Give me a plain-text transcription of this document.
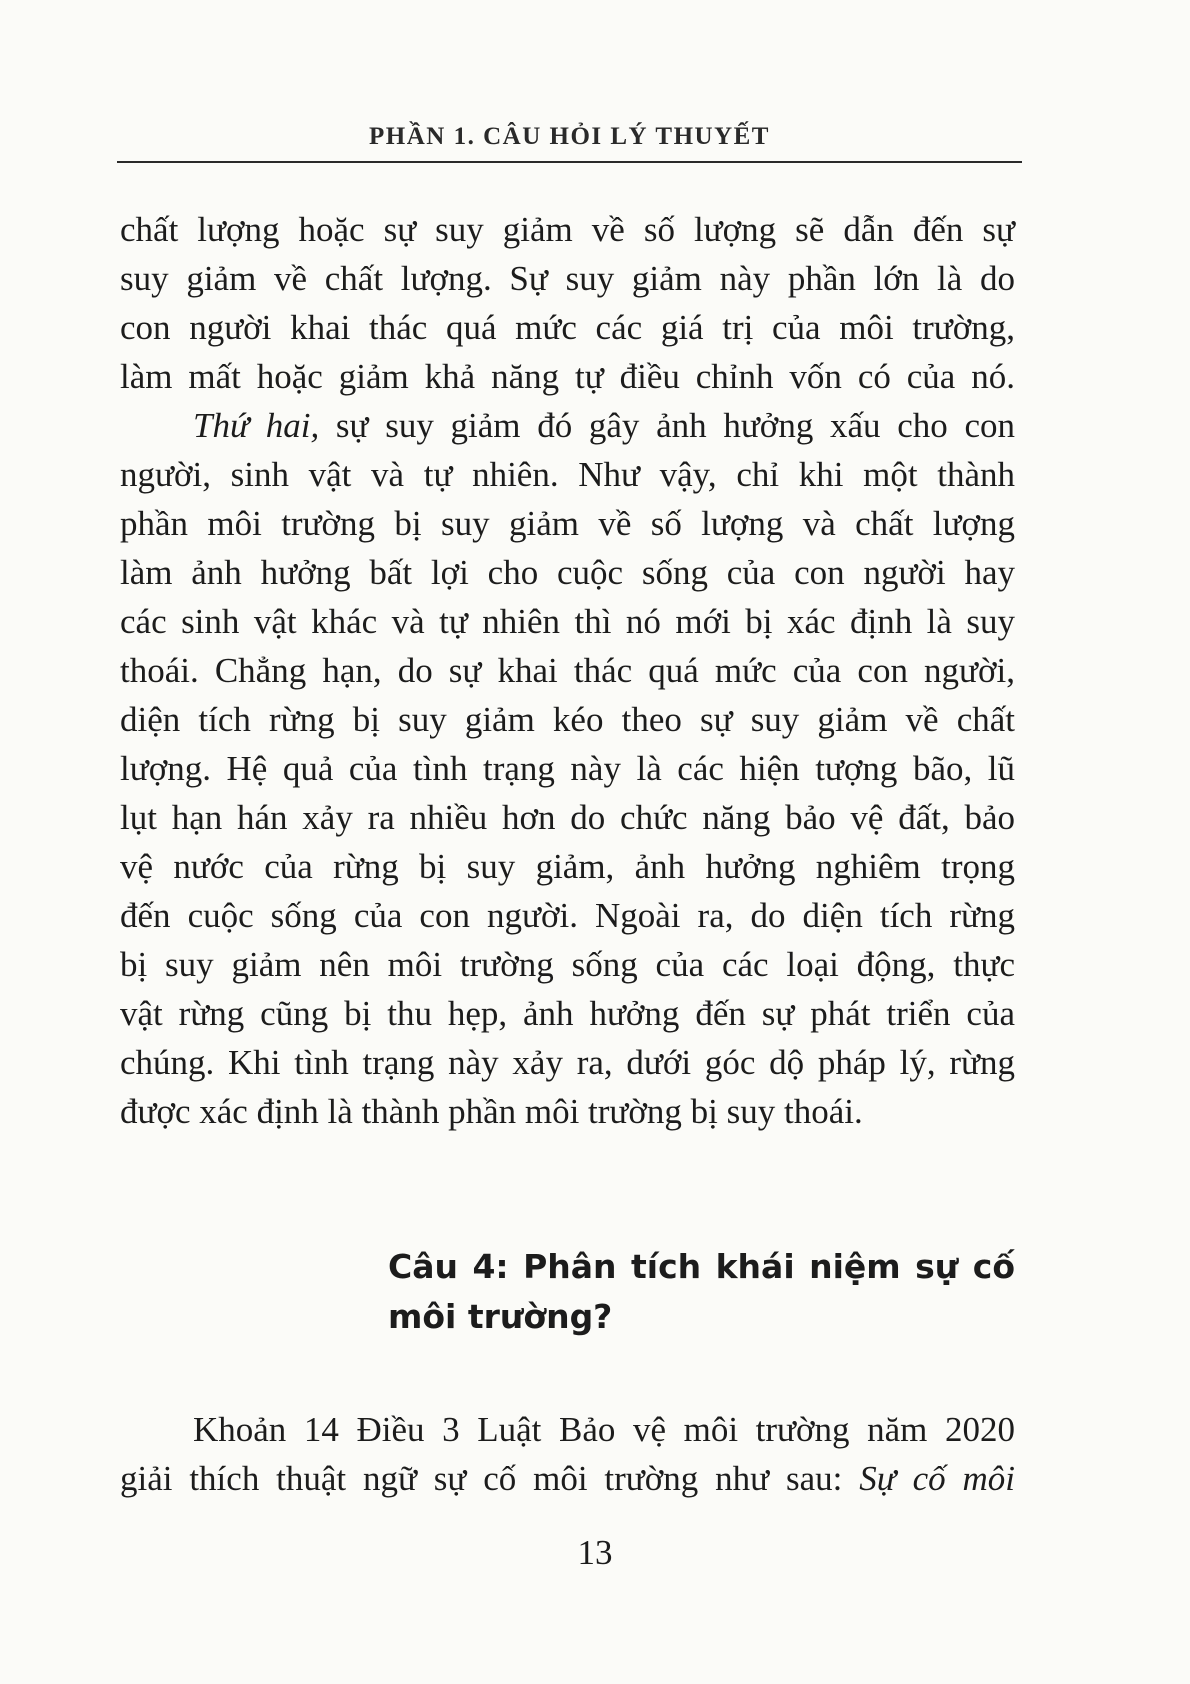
PHẦN 1. CÂU HỎI LÝ THUYẾT
chất lượng hoặc sự suy giảm về số lượng sẽ dẫn đến sự
suy giảm về chất lượng. Sự suy giảm này phần lớn là do
con người khai thác quá mức các giá trị của môi trường,
làm mất hoặc giảm khả năng tự điều chỉnh vốn có của nó.
Thứ hai, sự suy giảm đó gây ảnh hưởng xấu cho con
người, sinh vật và tự nhiên. Như vậy, chỉ khi một thành
phần môi trường bị suy giảm về số lượng và chất lượng
làm ảnh hưởng bất lợi cho cuộc sống của con người hay
các sinh vật khác và tự nhiên thì nó mới bị xác định là suy
thoái. Chẳng hạn, do sự khai thác quá mức của con người,
diện tích rừng bị suy giảm kéo theo sự suy giảm về chất
lượng. Hệ quả của tình trạng này là các hiện tượng bão, lũ
lụt hạn hán xảy ra nhiều hơn do chức năng bảo vệ đất, bảo
vệ nước của rừng bị suy giảm, ảnh hưởng nghiêm trọng
đến cuộc sống của con người. Ngoài ra, do diện tích rừng
bị suy giảm nên môi trường sống của các loại động, thực
vật rừng cũng bị thu hẹp, ảnh hưởng đến sự phát triển của
chúng. Khi tình trạng này xảy ra, dưới góc dộ pháp lý, rừng
được xác định là thành phần môi trường bị suy thoái.
Câu 4: Phân tích khái niệm sự cố
môi trường?
Khoản 14 Điều 3 Luật Bảo vệ môi trường năm 2020
giải thích thuật ngữ sự cố môi trường như sau: Sự cố môi
13
